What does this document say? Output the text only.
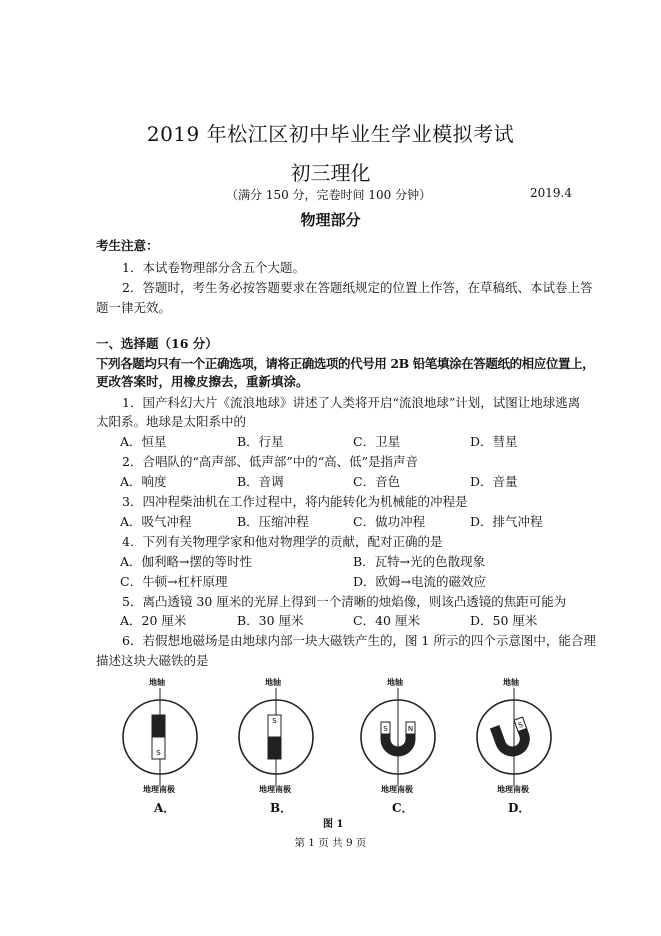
2019 年松江区初中毕业生学业模拟考试
初三理化
（满分 150 分，完卷时间 100 分钟）	2019.4
物理部分
考生注意：
1．本试卷物理部分含五个大题。
2．答题时，考生务必按答题要求在答题纸规定的位置上作答，在草稿纸、本试卷上答
题一律无效。
一、选择题（16 分）
下列各题均只有一个正确选项，请将正确选项的代号用 2B 铅笔填涂在答题纸的相应位置上，
更改答案时，用橡皮擦去，重新填涂。
1．国产科幻大片《流浪地球》讲述了人类将开启“流浪地球”计划，试图让地球逃离
太阳系。地球是太阳系中的
A．恒星	B．行星	C．卫星	D．彗星
2．合唱队的“高声部、低声部”中的“高、低”是指声音
A．响度	B．音调	C．音色	D．音量
3．四冲程柴油机在工作过程中，将内能转化为机械能的冲程是
A．吸气冲程	B．压缩冲程	C．做功冲程	D．排气冲程
4．下列有关物理学家和他对物理学的贡献，配对正确的是
A．伽利略→摆的等时性	B．瓦特→光的色散现象
C．牛顿→杠杆原理	D．欧姆→电流的磁效应
5．离凸透镜 30 厘米的光屏上得到一个清晰的烛焰像，则该凸透镜的焦距可能为
A．20 厘米	B．30 厘米	C．40 厘米	D．50 厘米
6．若假想地磁场是由地球内部一块大磁铁产生的，图 1 所示的四个示意图中，能合理
描述这块大磁铁的是
地轴
S
地理南极
A．
地轴
S
地理南极
B．
地轴
S	N
地理南极
C．
地轴
S
地理南极
D．
图 1
第 1 页 共 9 页
